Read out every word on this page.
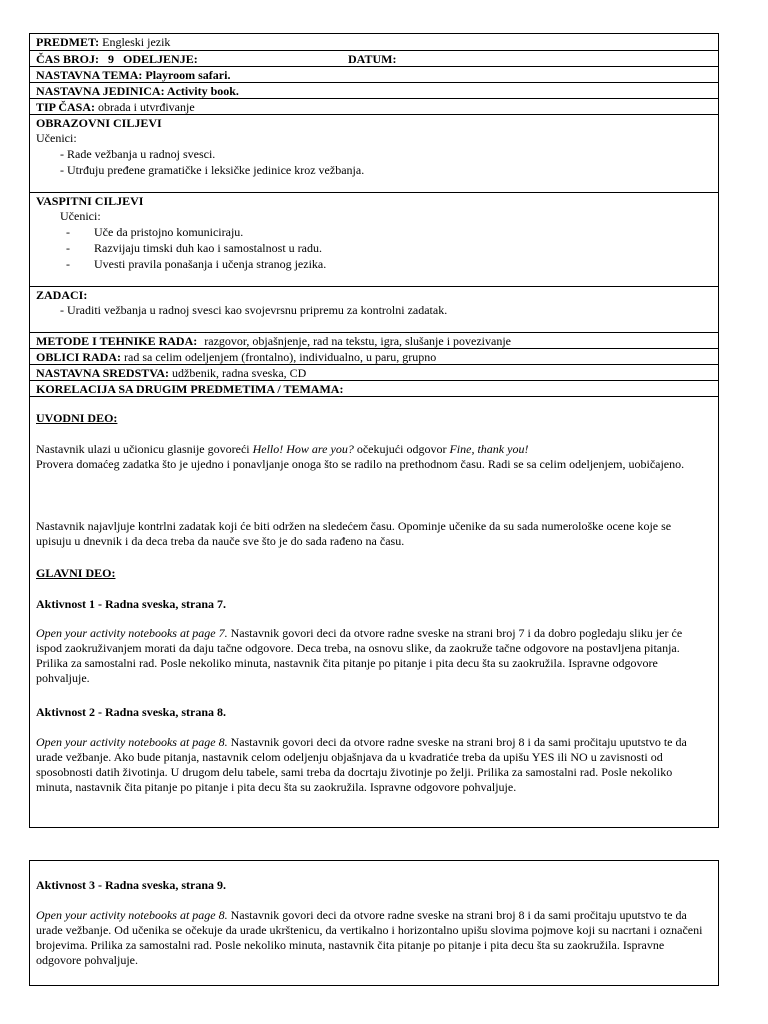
PREDMET: Engleski jezik
ČAS BROJ: 9 ODELJENJE:	DATUM:
NASTAVNA TEMA: Playroom safari.
NASTAVNA JEDINICA: Activity book.
TIP ČASA: obrada i utvrđivanje
OBRAZOVNI CILJEVI
Učenici:
- Rade vežbanja u radnoj svesci.
- Utrđuju pređene gramatičke i leksičke jedinice kroz vežbanja.
VASPITNI CILJEVI
Učenici:
- Uče da pristojno komuniciraju.
- Razvijaju timski duh kao i samostalnost u radu.
- Uvesti pravila ponašanja i učenja stranog jezika.
ZADACI:
- Uraditi vežbanja u radnoj svesci kao svojevrsnu pripremu za kontrolni zadatak.
METODE I TEHNIKE RADA: razgovor, objašnjenje, rad na tekstu, igra, slušanje i povezivanje
OBLICI RADA: rad sa celim odeljenjem (frontalno), individualno, u paru, grupno
NASTAVNA SREDSTVA: udžbenik, radna sveska, CD
KORELACIJA SA DRUGIM PREDMETIMA / TEMAMA:
UVODNI DEO:
Nastavnik ulazi u učionicu glasnije govoreći Hello! How are you? očekujući odgovor Fine, thank you!
Provera domaćeg zadatka što je ujedno i ponavljanje onoga što se radilo na prethodnom času. Radi se sa celim odeljenjem, uobičajeno.
Nastavnik najavljuje kontrlni zadatak koji će biti održen na sledećem času. Opominje učenike da su sada numerološke ocene koje se upisuju u dnevnik i da deca treba da nauče sve što je do sada rađeno na času.
GLAVNI DEO:
Aktivnost 1 - Radna sveska, strana 7.
Open your activity notebooks at page 7. Nastavnik govori deci da otvore radne sveske na strani broj 7 i da dobro pogledaju sliku jer će ispod zaokruživanjem morati da daju tačne odgovore. Deca treba, na osnovu slike, da zaokruže tačne odgovore na postavljena pitanja. Prilika za samostalni rad. Posle nekoliko minuta, nastavnik čita pitanje po pitanje i pita decu šta su zaokružila. Ispravne odgovore pohvaljuje.
Aktivnost 2 - Radna sveska, strana 8.
Open your activity notebooks at page 8. Nastavnik govori deci da otvore radne sveske na strani broj 8 i da sami pročitaju uputstvo te da urade vežbanje. Ako bude pitanja, nastavnik celom odeljenju objašnjava da u kvadratiće treba da upišu YES ili NO u zavisnosti od sposobnosti datih životinja. U drugom delu tabele, sami treba da docrtaju životinje po želji. Prilika za samostalni rad. Posle nekoliko minuta, nastavnik čita pitanje po pitanje i pita decu šta su zaokružila. Ispravne odgovore pohvaljuje.
Aktivnost 3 - Radna sveska, strana 9.
Open your activity notebooks at page 8. Nastavnik govori deci da otvore radne sveske na strani broj 8 i da sami pročitaju uputstvo te da urade vežbanje. Od učenika se očekuje da urade ukrštenicu, da vertikalno i horizontalno upišu slovima pojmove koji su nacrtani i označeni brojevima. Prilika za samostalni rad. Posle nekoliko minuta, nastavnik čita pitanje po pitanje i pita decu šta su zaokružila. Ispravne odgovore pohvaljuje.
